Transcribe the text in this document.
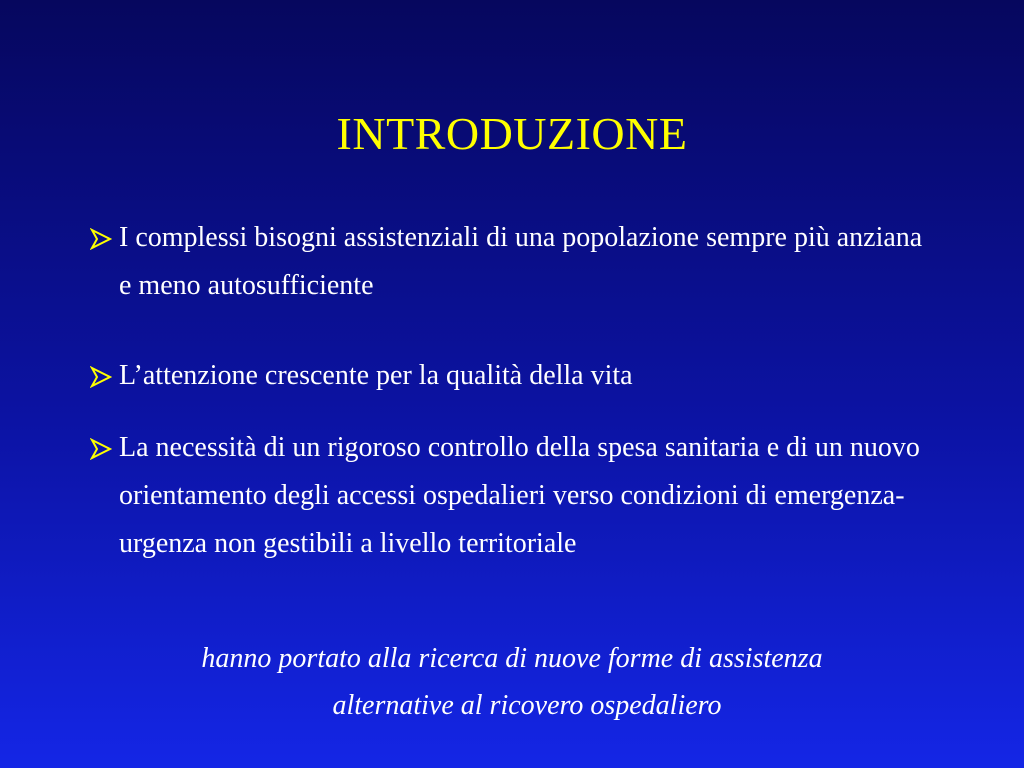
INTRODUZIONE
I complessi bisogni assistenziali di una popolazione sempre più anziana e meno autosufficiente
L’attenzione crescente per la qualità della vita
La necessità di un rigoroso controllo della spesa sanitaria e di un nuovo orientamento degli accessi ospedalieri verso condizioni di emergenza-urgenza non gestibili a livello territoriale
hanno portato alla ricerca di nuove forme di assistenza
alternative al ricovero ospedaliero
